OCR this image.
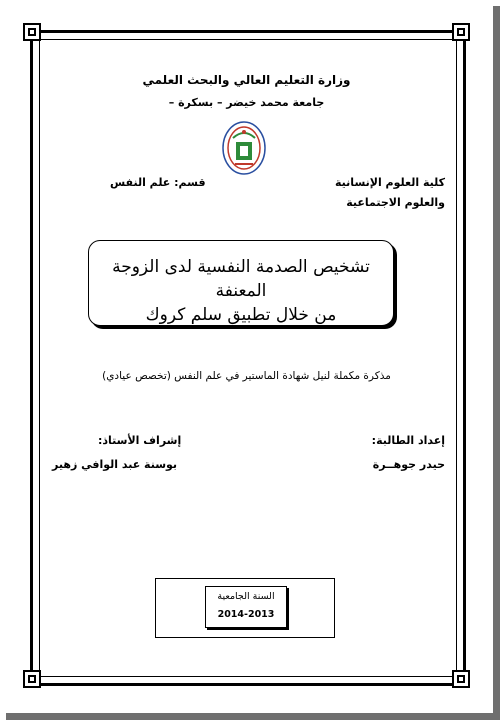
وزارة التعليم العالي والبحث العلمي
جامعة محمد خيضر – بسكرة –
كلية العلوم الإنسانية
والعلوم الاجتماعية
قسم: علم النفس
تشخيص الصدمة النفسية لدى الزوجة المعنفة
من خلال تطبيق سلم كروك
مذكرة مكملة لنيل شهادة الماستير في علم النفس (تخصص عيادي)
إعداد الطالبة:
حيدر جوهــرة
إشراف الأستاذ:
بوسنة عبد الوافي زهير
السنة الجامعية
2014-2013
